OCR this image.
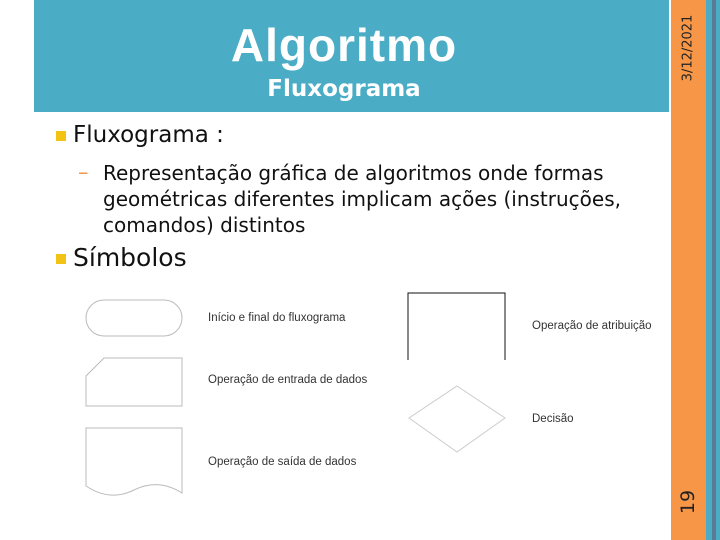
Algoritmo
Fluxograma
3/12/2021
19
Fluxograma :
– Representação gráfica de algoritmos onde formas
geométricas diferentes implicam ações (instruções,
comandos) distintos
Símbolos
Início e final do fluxograma
Operação de entrada de dados
Operação de saída de dados
Operação de atribuição
Decisão
